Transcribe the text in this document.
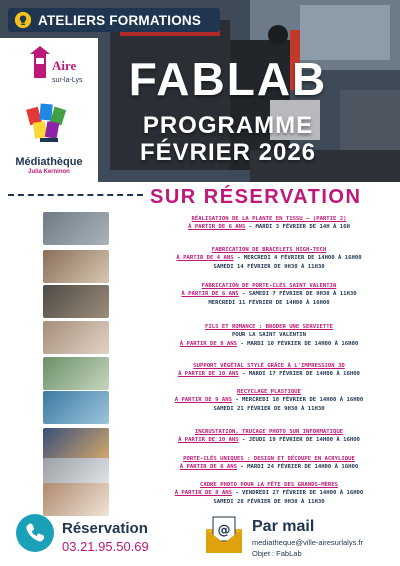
ATELIERS FORMATIONS
Aire
sur-la-Lys
Médiathèque
Julia Kerninon
FABLAB
PROGRAMME
FÉVRIER 2026
SUR RÉSERVATION
RÉALISATION DE LA PLANTE EN TISSU — (PARTIE 2)
À PARTIR DE 6 ANS - MARDI 3 FÉVRIER DE 14H À 16H
FABRICATION DE BRACELETS HIGH-TECH
À PARTIR DE 4 ANS - MERCREDI 4 FÉVRIER DE 14H00 À 16H00
SAMEDI 14 FÉVRIER DE 9H30 À 11H30
FABRICATION DE PORTE-CLÉS SAINT VALENTIN
À PARTIR DE 6 ANS - SAMEDI 7 FÉVRIER DE 9H30 À 11H30
MERCREDI 11 FÉVRIER DE 14H00 À 16H00
FILS ET ROMANCE : BRODER UNE SERVIETTE
POUR LA SAINT VALENTIN
À PARTIR DE 8 ANS - MARDI 10 FÉVRIER DE 14H00 À 16H00
SUPPORT VÉGÉTAL STYLÉ GRÂCE À L'IMPRESSION 3D
À PARTIR DE 10 ANS - MARDI 17 FÉVRIER DE 14H00 À 16H00
RECYCLAGE PLASTIQUE
À PARTIR DE 9 ANS - MERCREDI 18 FÉVRIER DE 14H00 À 16H00
SAMEDI 21 FÉVRIER DE 9H30 À 11H30
INCRUSTATION, TRUCAGE PHOTO SUR INFORMATIQUE
À PARTIR DE 10 ANS - JEUDI 19 FÉVRIER DE 14H00 À 16H00
PORTE-CLÉS UNIQUES : DESIGN ET DÉCOUPE EN ACRYLIQUE
À PARTIR DE 6 ANS - MARDI 24 FÉVRIER DE 14H00 À 16H00
CADRE PHOTO POUR LA FÊTE DES GRANDS-MÈRES
À PARTIR DE 8 ANS - VENDREDI 27 FÉVRIER DE 14H00 À 16H00
SAMEDI 28 FÉVRIER DE 9H30 À 11H30
Réservation
03.21.95.50.69
@ Par mail
mediatheque@ville-airesurlalys.fr
Objet : FabLab
